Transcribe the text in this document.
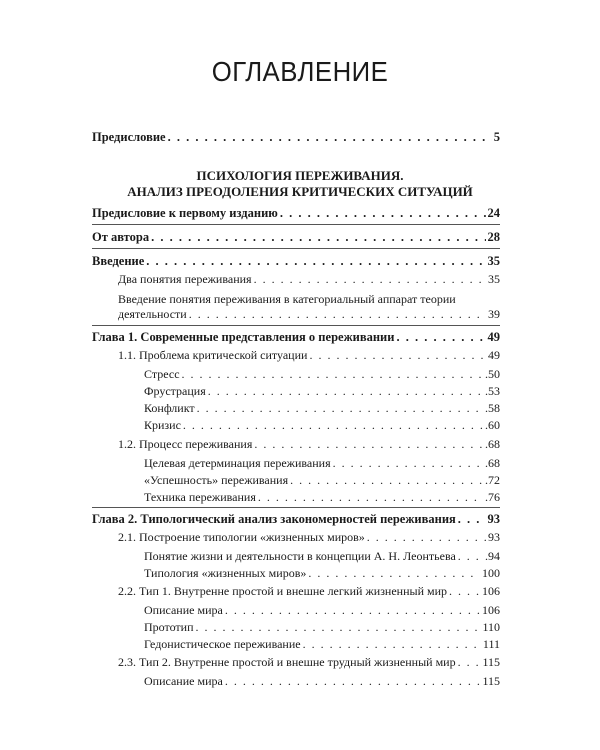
ОГЛАВЛЕНИЕ
Предисловие . . .	5
ПСИХОЛОГИЯ ПЕРЕЖИВАНИЯ.
АНАЛИЗ ПРЕОДОЛЕНИЯ КРИТИЧЕСКИХ СИТУАЦИЙ
Предисловие к первому изданию . . .	24
От автора . . .	28
Введение . . .	35
Два понятия переживания . . .	35
Введение понятия переживания в категориальный аппарат теории
деятельности . . .	39
Глава 1. Современные представления о переживании . . .	49
1.1. Проблема критической ситуации . . .	49
Стресс . . .	.50
Фрустрация . . .	.53
Конфликт . . .	.58
Кризис . . .	.60
1.2. Процесс переживания . . .	.68
Целевая детерминация переживания . . .	.68
«Успешность» переживания . . .	.72
Техника переживания . . .	.76
Глава 2. Типологический анализ закономерностей переживания . . .	93
2.1. Построение типологии «жизненных миров» . . .	93
Понятие жизни и деятельности в концепции А. Н. Леонтьева . . . .94
Типология «жизненных миров» . . .	100
2.2. Тип 1. Внутренне простой и внешне легкий жизненный мир . . .	106
Описание мира . . .	106
Прототип . . .	110
Гедонистическое переживание . . .	111
2.3. Тип 2. Внутренне простой и внешне трудный жизненный мир . . . 115
Описание мира . . .	115
